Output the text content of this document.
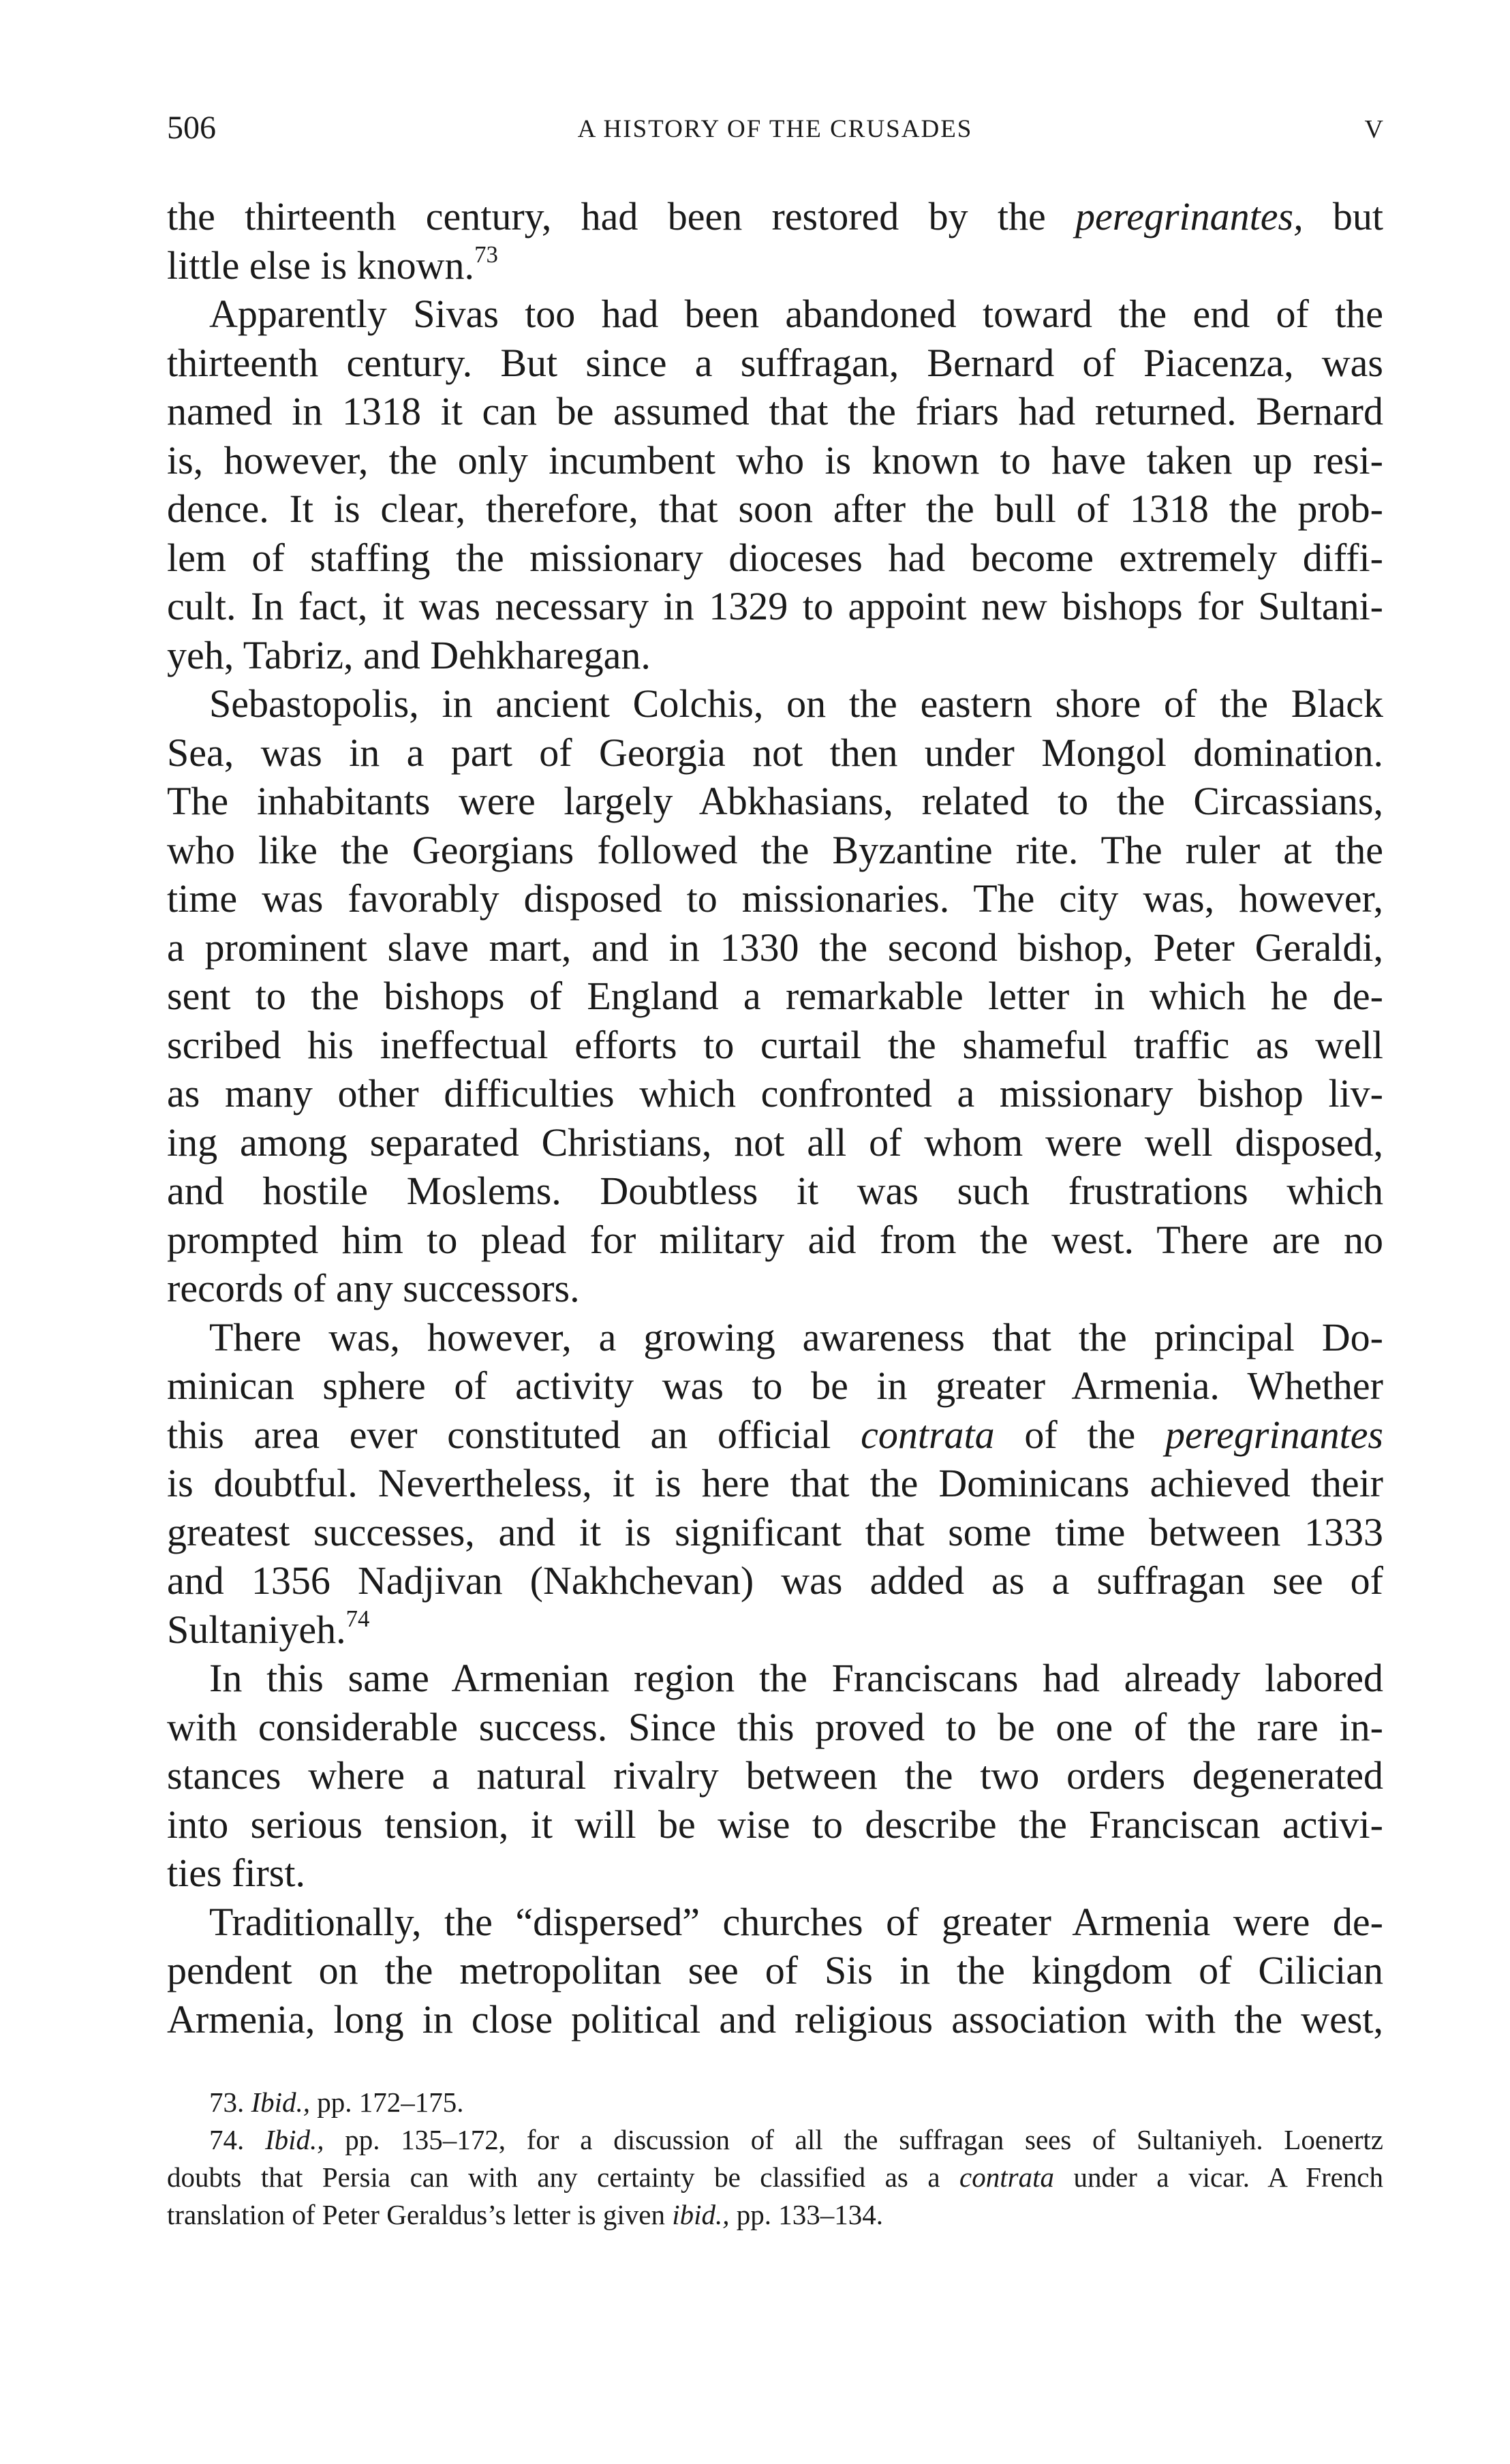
506	A HISTORY OF THE CRUSADES	V
the thirteenth century, had been restored by the peregrinantes, but
little else is known.$^{73}$
Apparently Sivas too had been abandoned toward the end of the
thirteenth century. But since a suffragan, Bernard of Piacenza, was
named in 1318 it can be assumed that the friars had returned. Bernard
is, however, the only incumbent who is known to have taken up resi-
dence. It is clear, therefore, that soon after the bull of 1318 the prob-
lem of staffing the missionary dioceses had become extremely diffi-
cult. In fact, it was necessary in 1329 to appoint new bishops for Sultani-
yeh, Tabriz, and Dehkharegan.
Sebastopolis, in ancient Colchis, on the eastern shore of the Black
Sea, was in a part of Georgia not then under Mongol domination.
The inhabitants were largely Abkhasians, related to the Circassians,
who like the Georgians followed the Byzantine rite. The ruler at the
time was favorably disposed to missionaries. The city was, however,
a prominent slave mart, and in 1330 the second bishop, Peter Geraldi,
sent to the bishops of England a remarkable letter in which he de-
scribed his ineffectual efforts to curtail the shameful traffic as well
as many other difficulties which confronted a missionary bishop liv-
ing among separated Christians, not all of whom were well disposed,
and hostile Moslems. Doubtless it was such frustrations which
prompted him to plead for military aid from the west. There are no
records of any successors.
There was, however, a growing awareness that the principal Do-
minican sphere of activity was to be in greater Armenia. Whether
this area ever constituted an official contrata of the peregrinantes
is doubtful. Nevertheless, it is here that the Dominicans achieved their
greatest successes, and it is significant that some time between 1333
and 1356 Nadjivan (Nakhchevan) was added as a suffragan see of
Sultaniyeh.$^{74}$
In this same Armenian region the Franciscans had already labored
with considerable success. Since this proved to be one of the rare in-
stances where a natural rivalry between the two orders degenerated
into serious tension, it will be wise to describe the Franciscan activi-
ties first.
Traditionally, the “dispersed” churches of greater Armenia were de-
pendent on the metropolitan see of Sis in the kingdom of Cilician
Armenia, long in close political and religious association with the west,
73. Ibid., pp. 172–175.
74. Ibid., pp. 135–172, for a discussion of all the suffragan sees of Sultaniyeh. Loenertz
doubts that Persia can with any certainty be classified as a contrata under a vicar. A French
translation of Peter Geraldus’s letter is given ibid., pp. 133–134.
